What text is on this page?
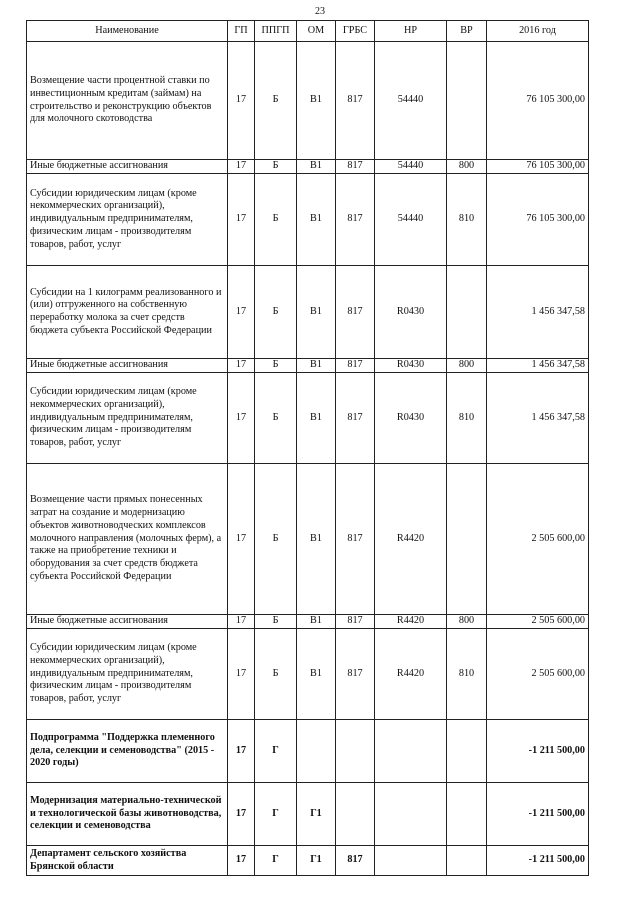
23
Наименование	ГП	ППГП	ОМ	ГРБС	НР	ВР	2016 год
Возмещение части процентной ставки по инвестиционным кредитам (займам) на строительство и реконструкцию объектов для молочного скотоводства	17	Б	В1	817	54440		76 105 300,00
Иные бюджетные ассигнования	17	Б	В1	817	54440	800	76 105 300,00
Субсидии юридическим лицам (кроме некоммерческих организаций), индивидуальным предпринимателям, физическим лицам - производителям товаров, работ, услуг	17	Б	В1	817	54440	810	76 105 300,00
Субсидии на 1 килограмм реализованного и (или) отгруженного на собственную переработку молока за счет средств бюджета субъекта Российской Федерации	17	Б	В1	817	R0430		1 456 347,58
Иные бюджетные ассигнования	17	Б	В1	817	R0430	800	1 456 347,58
Субсидии юридическим лицам (кроме некоммерческих организаций), индивидуальным предпринимателям, физическим лицам - производителям товаров, работ, услуг	17	Б	В1	817	R0430	810	1 456 347,58
Возмещение части прямых понесенных затрат на создание и модернизацию объектов животноводческих комплексов молочного направления (молочных ферм), а также на приобретение техники и оборудования за счет средств бюджета субъекта Российской Федерации	17	Б	В1	817	R4420		2 505 600,00
Иные бюджетные ассигнования	17	Б	В1	817	R4420	800	2 505 600,00
Субсидии юридическим лицам (кроме некоммерческих организаций), индивидуальным предпринимателям, физическим лицам - производителям товаров, работ, услуг	17	Б	В1	817	R4420	810	2 505 600,00
Подпрограмма "Поддержка племенного дела, селекции и семеноводства" (2015 - 2020 годы)	17	Г					-1 211 500,00
Модернизация материально-технической и технологической базы животноводства, селекции и семеноводства	17	Г	Г1				-1 211 500,00
Департамент сельского хозяйства Брянской области	17	Г	Г1	817			-1 211 500,00
